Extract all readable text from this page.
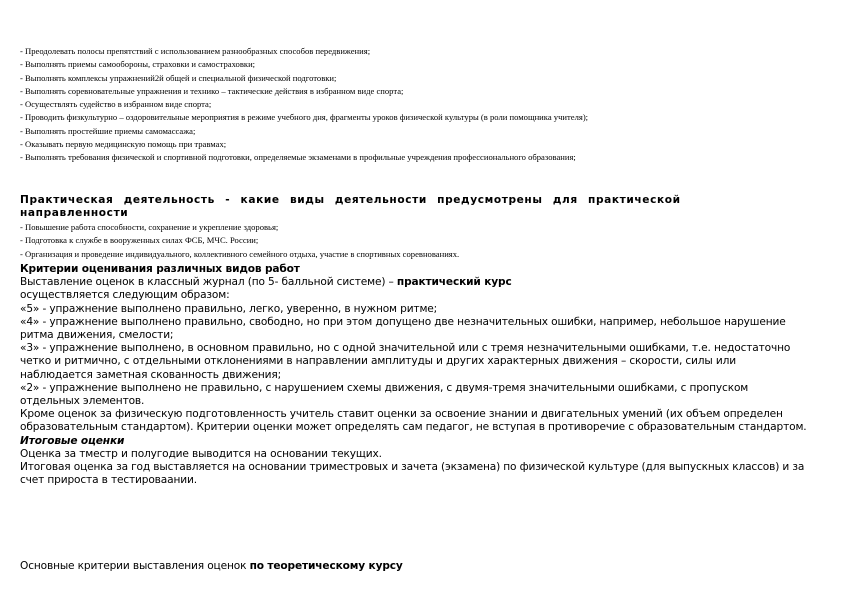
- Преодолевать полосы препятствий с использованием разнообразных способов передвижения;
- Выполнять приемы самообороны, страховки и самостраховки;
- Выполнять комплексы упражнений2й общей и специальной физической подготовки;
- Выполнять соревновательные упражнения и технико – тактические действия в избранном виде спорта;
- Осуществлять судейство в избранном виде спорта;
- Проводить физкультурно – оздоровительные мероприятия в режиме учебного дня, фрагменты уроков физической культуры (в роли помощника учителя);
- Выполнять простейшие приемы самомассажа;
- Оказывать первую медицинскую помощь при травмах;
- Выполнять требования физической и спортивной подготовки, определяемые экзаменами в профильные учреждения профессионального образования;
Практическая деятельность - какие виды деятельности предусмотрены для практической направленности
- Повышение работа способности, сохранение и укрепление здоровья;
- Подготовка к службе в вооруженных силах ФСБ, МЧС. России;
- Организация и проведение индивидуального, коллективного семейного отдыха, участие в спортивных соревнованиях.
Критерии оценивания различных видов работ
Выставление оценок в классный журнал (по 5- балльной системе) – практический курс
осуществляется следующим образом:
«5» - упражнение выполнено правильно, легко, уверенно, в нужном ритме;
«4» - упражнение выполнено правильно, свободно, но при этом допущено две незначительных ошибки, например, небольшое нарушение ритма движения, смелости;
«3» - упражнение выполнено, в основном правильно, но с одной значительной или с тремя незначительными ошибками, т.е. недостаточно четко и ритмично, с отдельными отклонениями в направлении амплитуды и других характерных движения – скорости, силы или наблюдается заметная скованность движения;
«2» - упражнение выполнено не правильно, с нарушением схемы движения, с двумя-тремя значительными ошибками, с пропуском отдельных элементов.
Кроме оценок за физическую подготовленность учитель ставит оценки за освоение знании и двигательных умений (их объем определен образовательным стандартом). Критерии оценки может определять сам педагог, не вступая в противоречие с образовательным стандартом.
Итоговые оценки
Оценка за тместр и полугодие выводится на основании текущих.
Итоговая оценка за год выставляется на основании триместровых и зачета (экзамена) по физической культуре (для выпускных классов) и за счет прироста в тестироваании.
Основные критерии выставления оценок по теоретическому курсу
